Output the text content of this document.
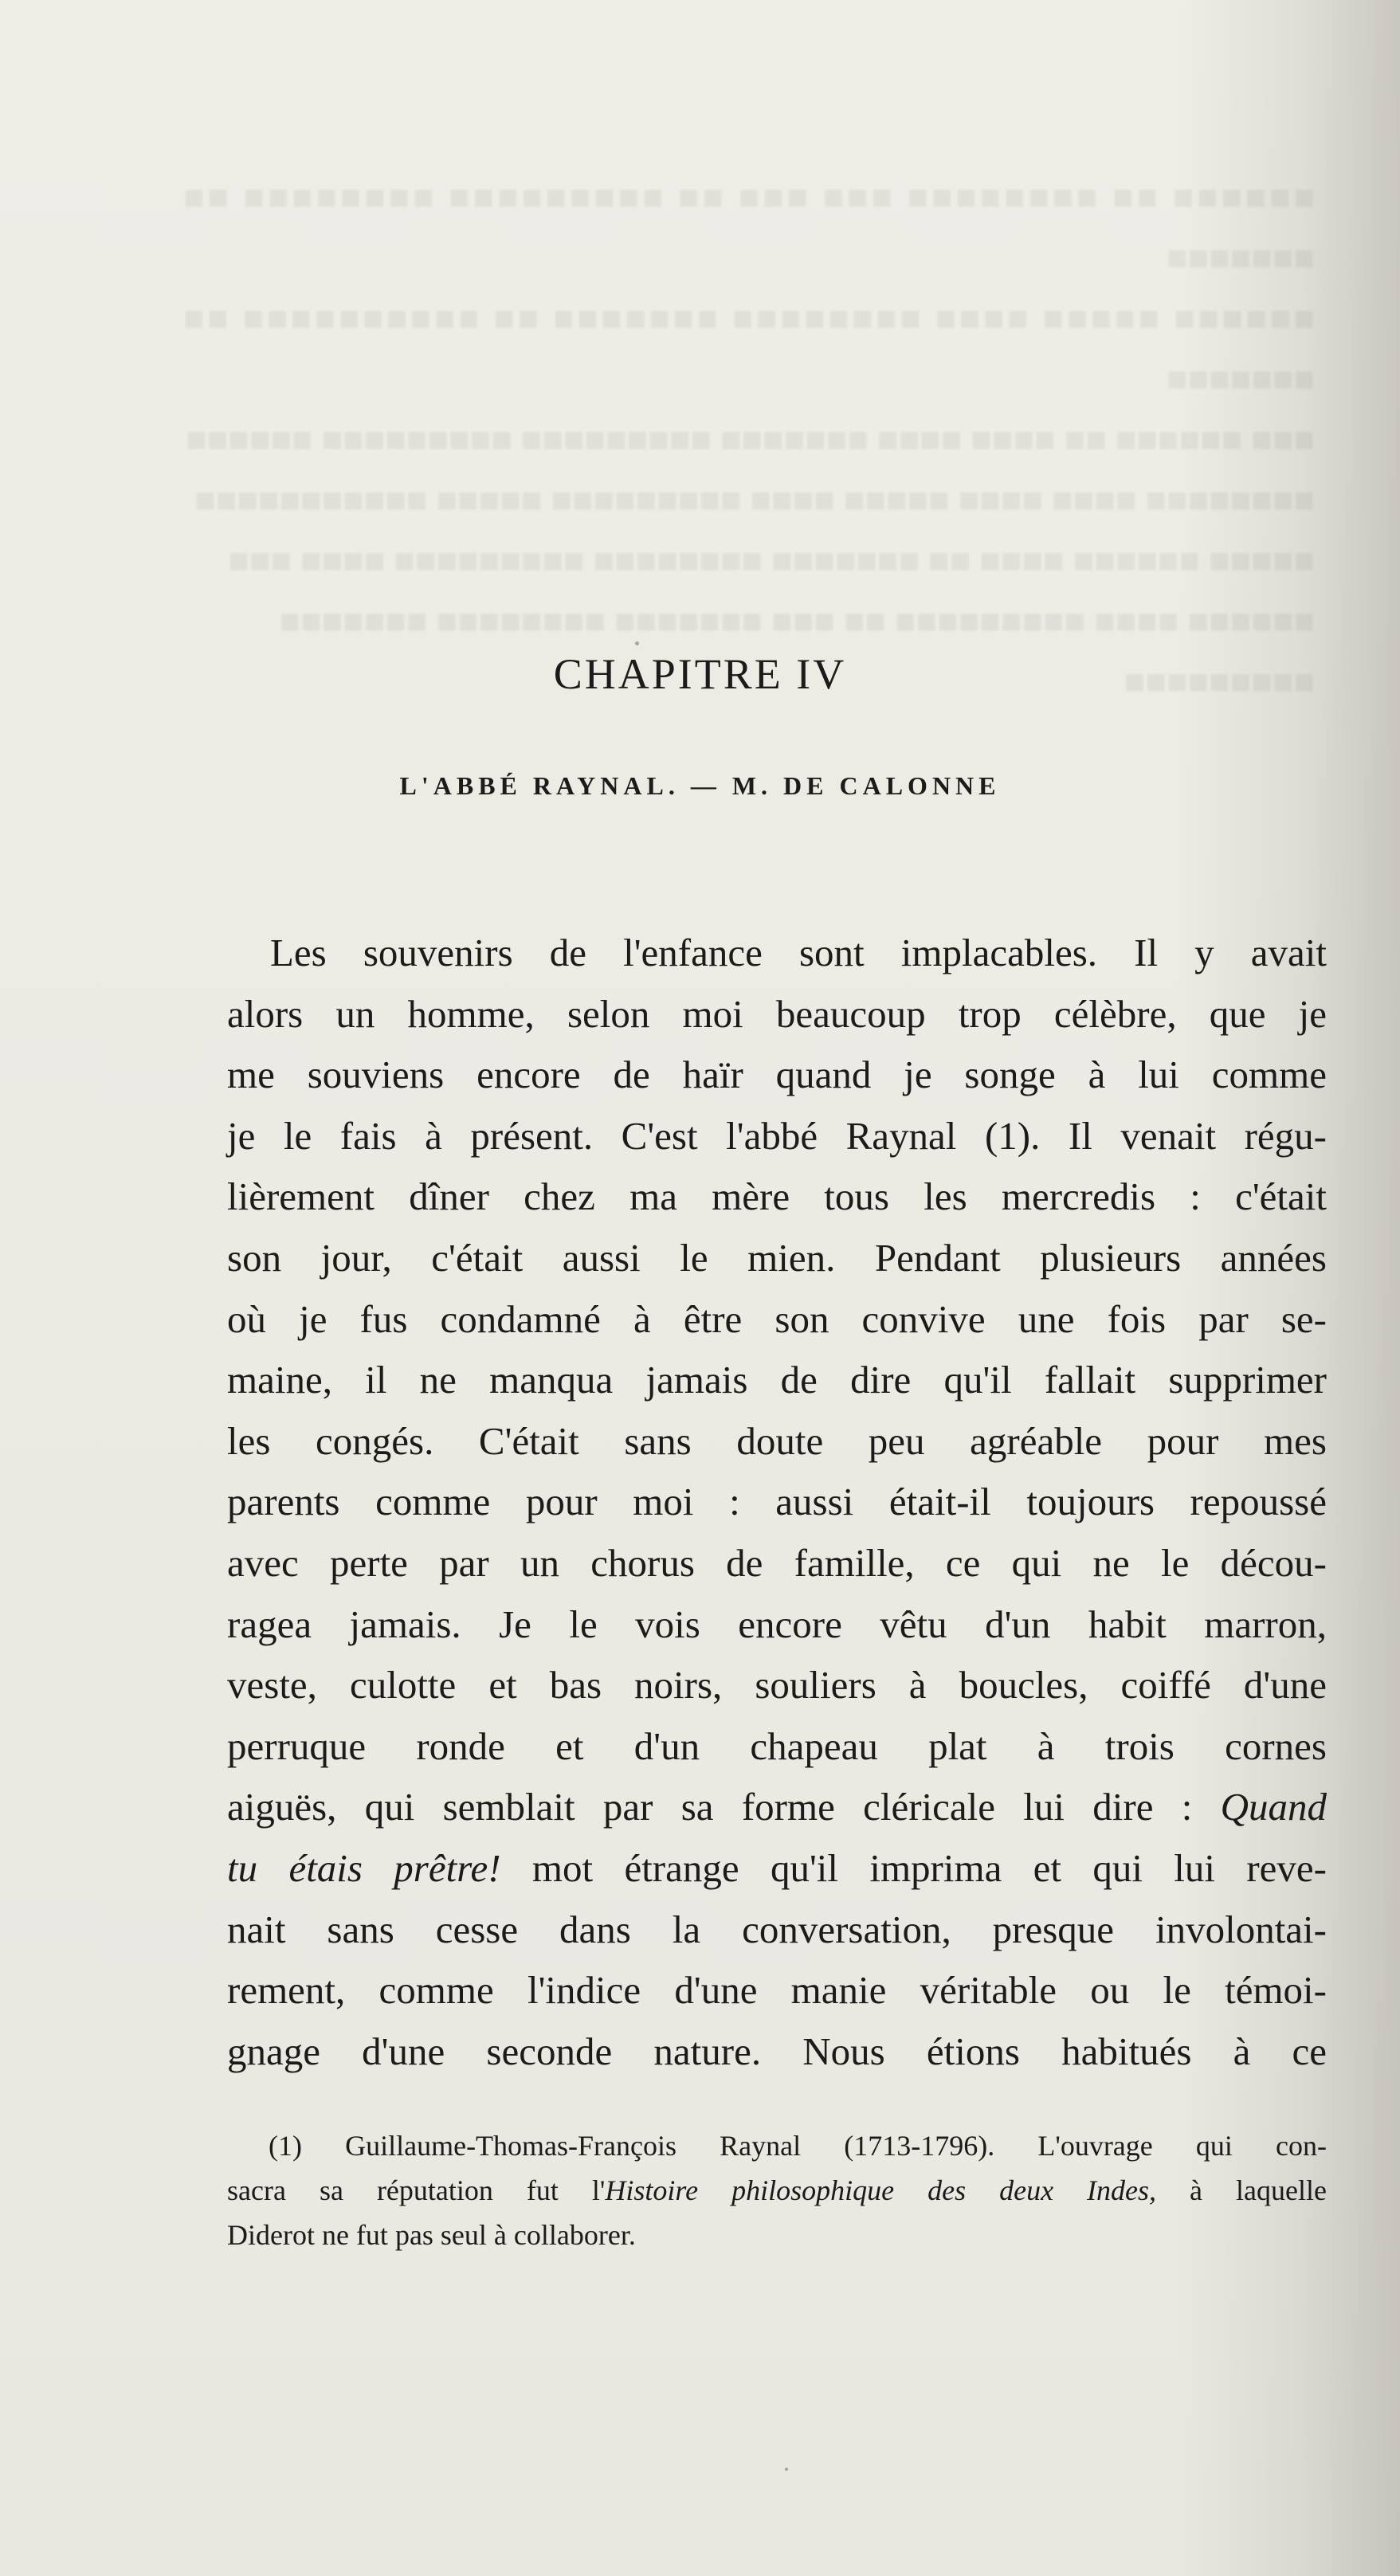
■■■■■■ ■■ ■■■■■■■■ ■■■ ■■■ ■■ ■■■■■■■■■ ■■■■■■■■ ■■ ■■■■■■■
■■■■■■ ■■■■■ ■■■■ ■■■■■■■■ ■■■■■■■ ■■ ■■■■■■■■■■ ■■ ■■■■■■■
■■■ ■■■■■■ ■■ ■■■■ ■■■■ ■■■■■■■ ■■■■■■■■■ ■■■■■■■■■ ■■■■■■
■■■■■■■■ ■■■■ ■■■■ ■■■■■ ■■■■ ■■■■■■■■■ ■■■■■ ■■■■■■■■■■■
■■■■■ ■■■■■■ ■■■■ ■■ ■■■■■■■ ■■■■■■■■ ■■■■■■■■■ ■■■■ ■■■
■■■■■■ ■■■■ ■■■■■■■■■ ■■ ■■■ ■■■■■■■ ■■■■■■■■ ■■■■■■■
■■■■■■■■■
CHAPITRE IV
L'ABBÉ RAYNAL. — M. DE CALONNE
Les souvenirs de l'enfance sont implacables. Il y avait
alors un homme, selon moi beaucoup trop célèbre, que je
me souviens encore de haïr quand je songe à lui comme
je le fais à présent. C'est l'abbé Raynal (1). Il venait régu-
lièrement dîner chez ma mère tous les mercredis : c'était
son jour, c'était aussi le mien. Pendant plusieurs années
où je fus condamné à être son convive une fois par se-
maine, il ne manqua jamais de dire qu'il fallait supprimer
les congés. C'était sans doute peu agréable pour mes
parents comme pour moi : aussi était-il toujours repoussé
avec perte par un chorus de famille, ce qui ne le décou-
ragea jamais. Je le vois encore vêtu d'un habit marron,
veste, culotte et bas noirs, souliers à boucles, coiffé d'une
perruque ronde et d'un chapeau plat à trois cornes
aiguës, qui semblait par sa forme cléricale lui dire : Quand
tu étais prêtre! mot étrange qu'il imprima et qui lui reve-
nait sans cesse dans la conversation, presque involontai-
rement, comme l'indice d'une manie véritable ou le témoi-
gnage d'une seconde nature. Nous étions habitués à ce
(1) Guillaume-Thomas-François Raynal (1713-1796). L'ouvrage qui con-
sacra sa réputation fut l'Histoire philosophique des deux Indes, à laquelle
Diderot ne fut pas seul à collaborer.
